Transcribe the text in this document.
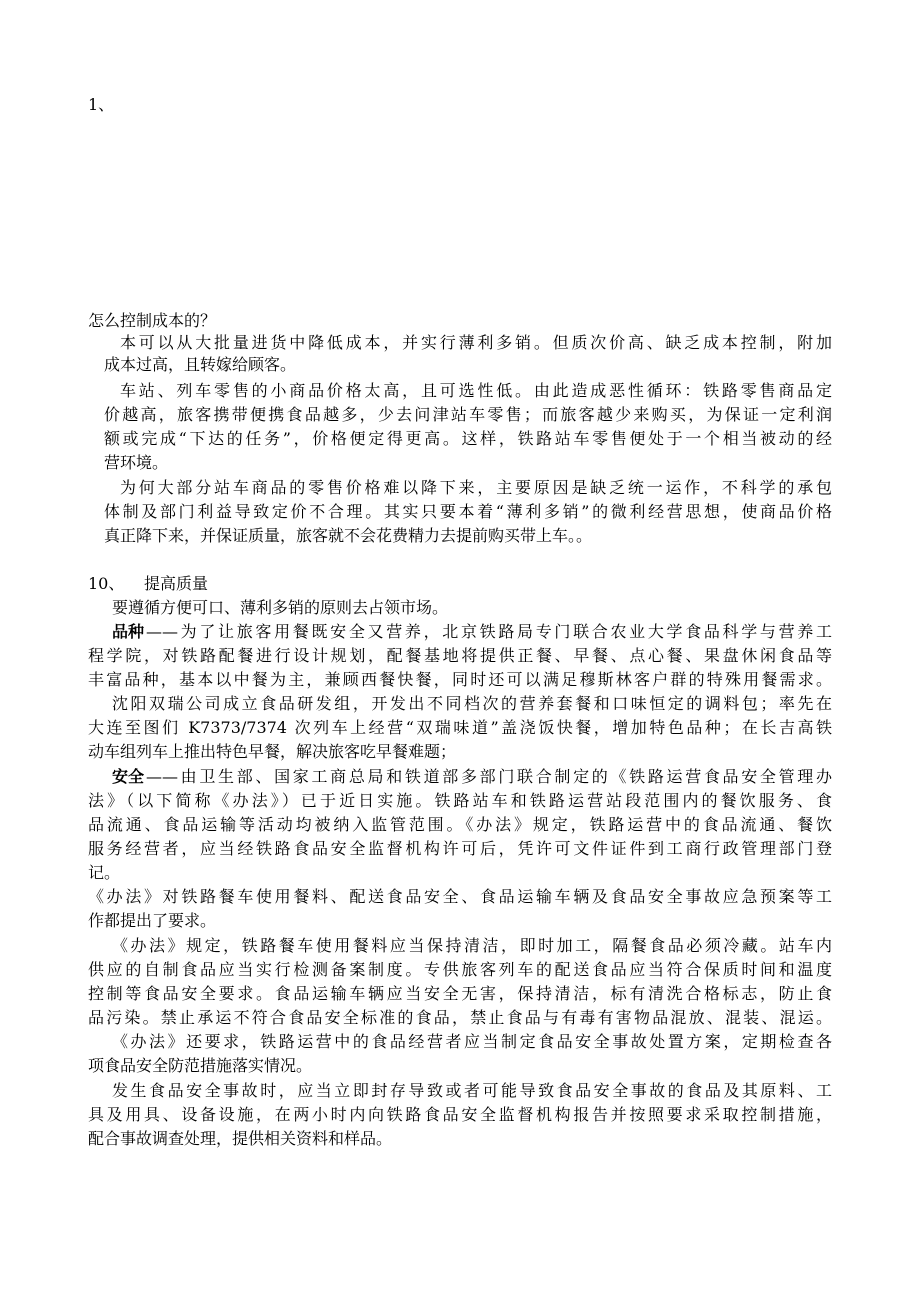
1、
怎么控制成本的？
本可以从大批量进货中降低成本，并实行薄利多销。但质次价高、缺乏成本控制，附加
成本过高，且转嫁给顾客。
车站、列车零售的小商品价格太高，且可选性低。由此造成恶性循环：铁路零售商品定
价越高，旅客携带便携食品越多，少去问津站车零售；而旅客越少来购买，为保证一定利润
额或完成“下达的任务”，价格便定得更高。这样，铁路站车零售便处于一个相当被动的经
营环境。
为何大部分站车商品的零售价格难以降下来，主要原因是缺乏统一运作，不科学的承包
体制及部门利益导致定价不合理。其实只要本着“薄利多销”的微利经营思想，使商品价格
真正降下来，并保证质量，旅客就不会花费精力去提前购买带上车。。
10、 提高质量
要遵循方便可口、薄利多销的原则去占领市场。
品种 ——为了让旅客用餐既安全又营养，北京铁路局专门联合农业大学食品科学与营养工
程学院，对铁路配餐进行设计规划，配餐基地将提供正餐、早餐、点心餐、果盘休闲食品等
丰富品种，基本以中餐为主，兼顾西餐快餐，同时还可以满足穆斯林客户群的特殊用餐需求。
沈阳双瑞公司成立食品研发组，开发出不同档次的营养套餐和口味恒定的调料包；率先在
大连至图们 K7373/7374 次列车上经营“双瑞味道”盖浇饭快餐，增加特色品种；在长吉高铁
动车组列车上推出特色早餐，解决旅客吃早餐难题；
安全 ——由卫生部、国家工商总局和铁道部多部门联合制定的《铁路运营食品安全管理办
法》（以下简称《办法》）已于近日实施。铁路站车和铁路运营站段范围内的餐饮服务、食
品流通、食品运输等活动均被纳入监管范围。《办法》规定，铁路运营中的食品流通、餐饮
服务经营者，应当经铁路食品安全监督机构许可后，凭许可文件证件到工商行政管理部门登
记。
《办法》对铁路餐车使用餐料、配送食品安全、食品运输车辆及食品安全事故应急预案等工
作都提出了要求。
《办法》规定，铁路餐车使用餐料应当保持清洁，即时加工，隔餐食品必须冷藏。站车内
供应的自制食品应当实行检测备案制度。专供旅客列车的配送食品应当符合保质时间和温度
控制等食品安全要求。食品运输车辆应当安全无害，保持清洁，标有清洗合格标志，防止食
品污染。禁止承运不符合食品安全标准的食品，禁止食品与有毒有害物品混放、混装、混运。
《办法》还要求，铁路运营中的食品经营者应当制定食品安全事故处置方案，定期检查各
项食品安全防范措施落实情况。
发生食品安全事故时，应当立即封存导致或者可能导致食品安全事故的食品及其原料、工
具及用具、设备设施，在两小时内向铁路食品安全监督机构报告并按照要求采取控制措施，
配合事故调查处理，提供相关资料和样品。
